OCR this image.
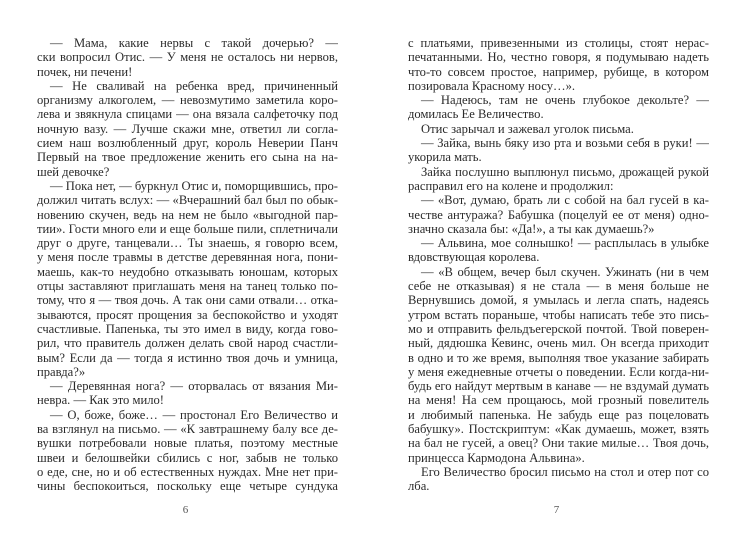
— Мама, какие нервы с такой дочерью? —
ски вопросил Отис. — У меня не осталось ни нервов,
почек, ни печени!
— Не сваливай на ребенка вред, причиненный
организму алкоголем, — невозмутимо заметила коро-
лева и звякнула спицами — она вязала салфеточку под
ночную вазу. — Лучше скажи мне, ответил ли согла-
сием наш возлюбленный друг, король Неверии Панч
Первый на твое предложение женить его сына на на-
шей девочке?
— Пока нет, — буркнул Отис и, поморщившись, про-
должил читать вслух: — «Вчерашний бал был по обык-
новению скучен, ведь на нем не было «выгодной пар-
тии». Гости много ели и еще больше пили, сплетничали
друг о друге, танцевали… Ты знаешь, я говорю всем,
у меня после травмы в детстве деревянная нога, пони-
маешь, как-то неудобно отказывать юношам, которых
отцы заставляют приглашать меня на танец только по-
тому, что я — твоя дочь. А так они сами отвали… отка-
зываются, просят прощения за беспокойство и уходят
счастливые. Папенька, ты это имел в виду, когда гово-
рил, что правитель должен делать свой народ счастли-
вым? Если да — тогда я истинно твоя дочь и умница,
правда?»
— Деревянная нога? — оторвалась от вязания Ми-
невра. — Как это мило!
— О, боже, боже… — простонал Его Величество и
ва взглянул на письмо. — «К завтрашнему балу все де-
вушки потребовали новые платья, поэтому местные
швеи и белошвейки сбились с ног, забыв не только
о еде, сне, но и об естественных нуждах. Мне нет при-
чины беспокоиться, поскольку еще четыре сундука
6
с платьями, привезенными из столицы, стоят нерас-
печатанными. Но, честно говоря, я подумываю надеть
что-то совсем простое, например, рубище, в котором
позировала Красному носу…».
— Надеюсь, там не очень глубокое декольте? —
домилась Ее Величество.
Отис зарычал и зажевал уголок письма.
— Зайка, вынь бяку изо рта и возьми себя в руки! —
укорила мать.
Зайка послушно выплюнул письмо, дрожащей рукой
расправил его на колене и продолжил:
— «Вот, думаю, брать ли с собой на бал гусей в ка-
честве антуража? Бабушка (поцелуй ее от меня) одно-
значно сказала бы: «Да!», а ты как думаешь?»
— Альвина, мое солнышко! — расплылась в улыбке
вдовствующая королева.
— «В общем, вечер был скучен. Ужинать (ни в чем
себе не отказывая) я не стала — в меня больше не
Вернувшись домой, я умылась и легла спать, надеясь
утром встать пораньше, чтобы написать тебе это пись-
мо и отправить фельдъегерской почтой. Твой поверен-
ный, дядюшка Кевинс, очень мил. Он всегда приходит
в одно и то же время, выполняя твое указание забирать
у меня ежедневные отчеты о поведении. Если когда-ни-
будь его найдут мертвым в канаве — не вздумай думать
на меня! На сем прощаюсь, мой грозный повелитель
и любимый папенька. Не забудь еще раз поцеловать
бабушку». Постскриптум: «Как думаешь, может, взять
на бал не гусей, а овец? Они такие милые… Твоя дочь,
принцесса Кармодона Альвина».
Его Величество бросил письмо на стол и отер пот со
лба.
7
